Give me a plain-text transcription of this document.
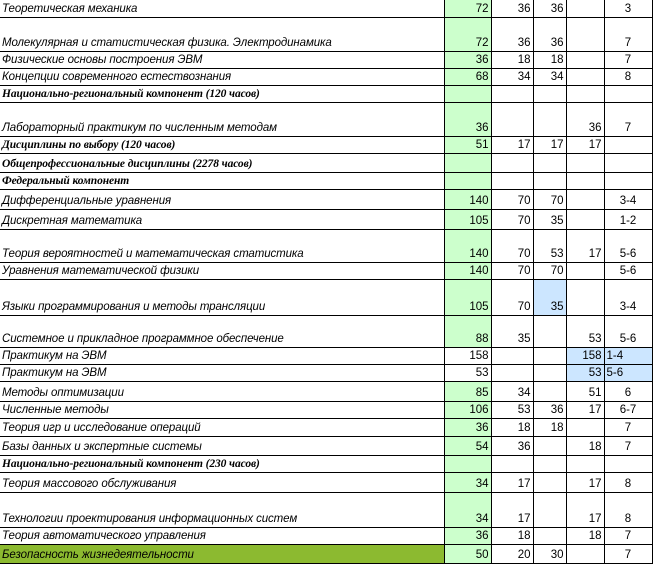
Теоретическая механика	72	36	36		3
Молекулярная и статистическая физика. Электродинамика	72	36	36		7
Физические основы построения ЭВМ	36	18	18		7
Концепции современного естествознания	68	34	34		8
Национально-региональный компонент (120 часов)					
Лабораторный практикум по численным методам	36			36	7
Дисциплины по выбору (120 часов)	51	17	17	17	
Общепрофессиональные дисциплины (2278 часов)					
Федеральный компонент					
Дифференциальные уравнения	140	70	70		3-4
Дискретная математика	105	70	35		1-2
Теория вероятностей и математическая статистика	140	70	53	17	5-6
Уравнения математической физики	140	70	70		5-6
Языки программирования и методы трансляции	105	70	35		3-4
Системное и прикладное программное обеспечение	88	35		53	5-6
Практикум на ЭВМ	158			158	1-4
Практикум на ЭВМ	53			53	5-6
Методы оптимизации	85	34		51	6
Численные методы	106	53	36	17	6-7
Теория игр и исследование операций	36	18	18		7
Базы данных и экспертные системы	54	36		18	7
Национально-региональный компонент (230 часов)					
Теория массового обслуживания	34	17		17	8
Технологии проектирования информационных систем	34	17		17	8
Теория автоматического управления	36	18		18	7
Безопасность жизнедеятельности	50	20	30		7
